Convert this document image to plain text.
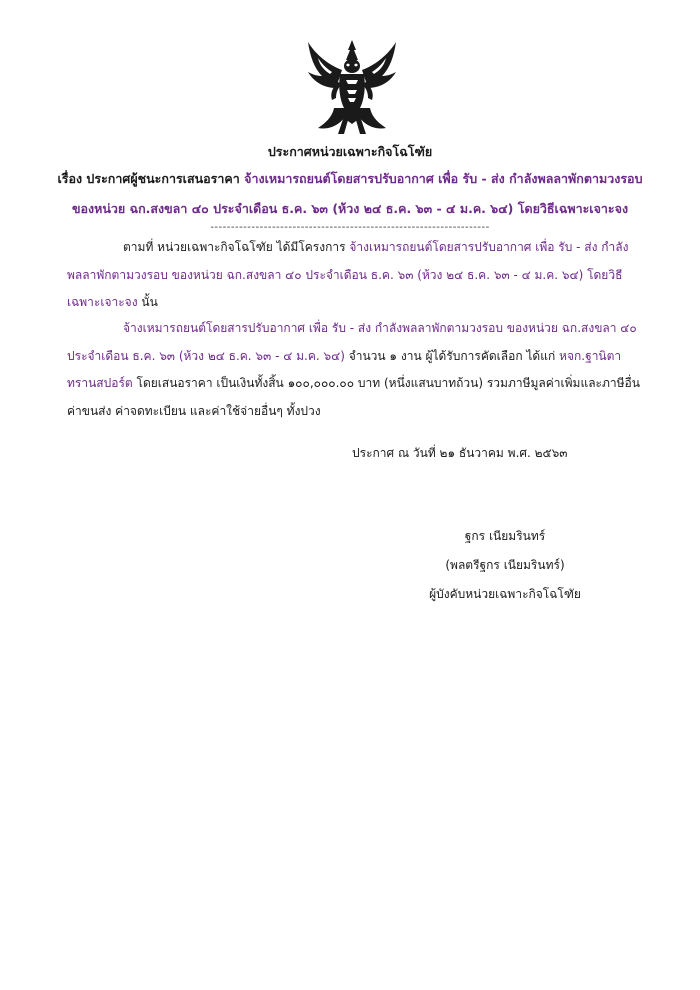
ประกาศหน่วยเฉพาะกิจโฉโฑัย
เรื่อง ประกาศผู้ชนะการเสนอราคา จ้างเหมารถยนต์โดยสารปรับอากาศ เพื่อ รับ - ส่ง กำลังพลลาพักตามวงรอบ
ของหน่วย ฉก.สงขลา ๔๐ ประจำเดือน ธ.ค. ๖๓ (ห้วง ๒๔ ธ.ค. ๖๓ - ๔ ม.ค. ๖๔) โดยวิธีเฉพาะเจาะจง
--------------------------------------------------------------------
ตามที่ หน่วยเฉพาะกิจโฉโฑัย ได้มีโครงการ จ้างเหมารถยนต์โดยสารปรับอากาศ เพื่อ รับ - ส่ง กำลังพลลาพักตามวงรอบ ของหน่วย ฉก.สงขลา ๔๐ ประจำเดือน ธ.ค. ๖๓ (ห้วง ๒๔ ธ.ค. ๖๓ - ๔ ม.ค. ๖๔) โดยวิธีเฉพาะเจาะจง นั้น
จ้างเหมารถยนต์โดยสารปรับอากาศ เพื่อ รับ - ส่ง กำลังพลลาพักตามวงรอบ ของหน่วย ฉก.สงขลา ๔๐ ประจำเดือน ธ.ค. ๖๓ (ห้วง ๒๔ ธ.ค. ๖๓ - ๔ ม.ค. ๖๔) จำนวน ๑ งาน ผู้ได้รับการคัดเลือก ได้แก่ หจก.ฐานิตา ทรานสปอร์ต โดยเสนอราคา เป็นเงินทั้งสิ้น ๑๐๐,๐๐๐.๐๐ บาท (หนึ่งแสนบาทถ้วน) รวมภาษีมูลค่าเพิ่มและภาษีอื่น ค่าขนส่ง ค่าจดทะเบียน และค่าใช้จ่ายอื่นๆ ทั้งปวง
ประกาศ ณ วันที่ ๒๑ ธันวาคม พ.ศ. ๒๕๖๓
ฐกร เนียมรินทร์
(พลตรีฐกร เนียมรินทร์)
ผู้บังคับหน่วยเฉพาะกิจโฉโฑัย
